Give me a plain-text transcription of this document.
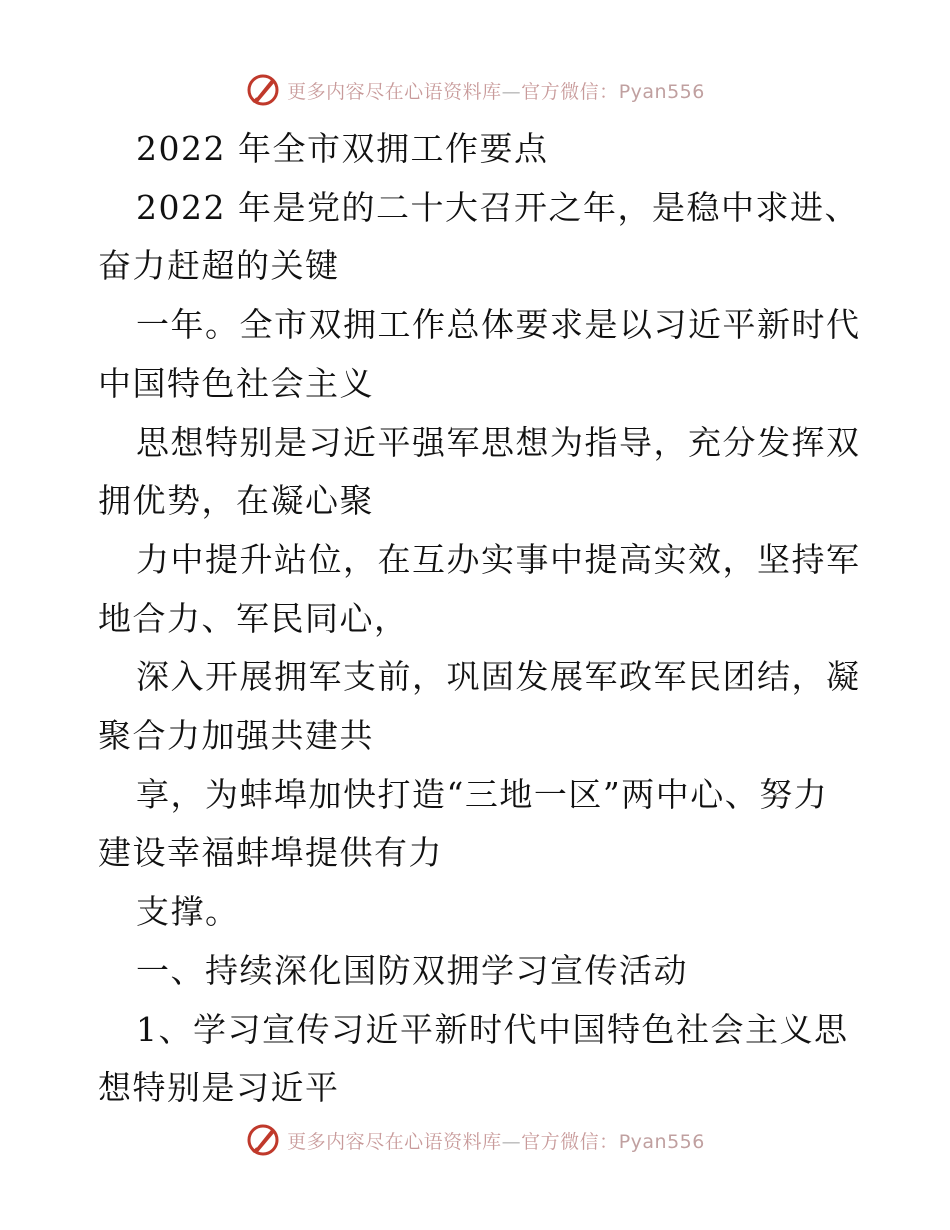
更多内容尽在心语资料库—官方微信：Pyan556
2022 年全市双拥工作要点
2022 年是党的二十大召开之年，是稳中求进、
奋力赶超的关键
一年。全市双拥工作总体要求是以习近平新时代
中国特色社会主义
思想特别是习近平强军思想为指导，充分发挥双
拥优势，在凝心聚
力中提升站位，在互办实事中提高实效，坚持军
地合力、军民同心，
深入开展拥军支前，巩固发展军政军民团结，凝
聚合力加强共建共
享，为蚌埠加快打造“三地一区”两中心、努力
建设幸福蚌埠提供有力
支撑。
一、持续深化国防双拥学习宣传活动
1、学习宣传习近平新时代中国特色社会主义思
想特别是习近平
更多内容尽在心语资料库—官方微信：Pyan556
